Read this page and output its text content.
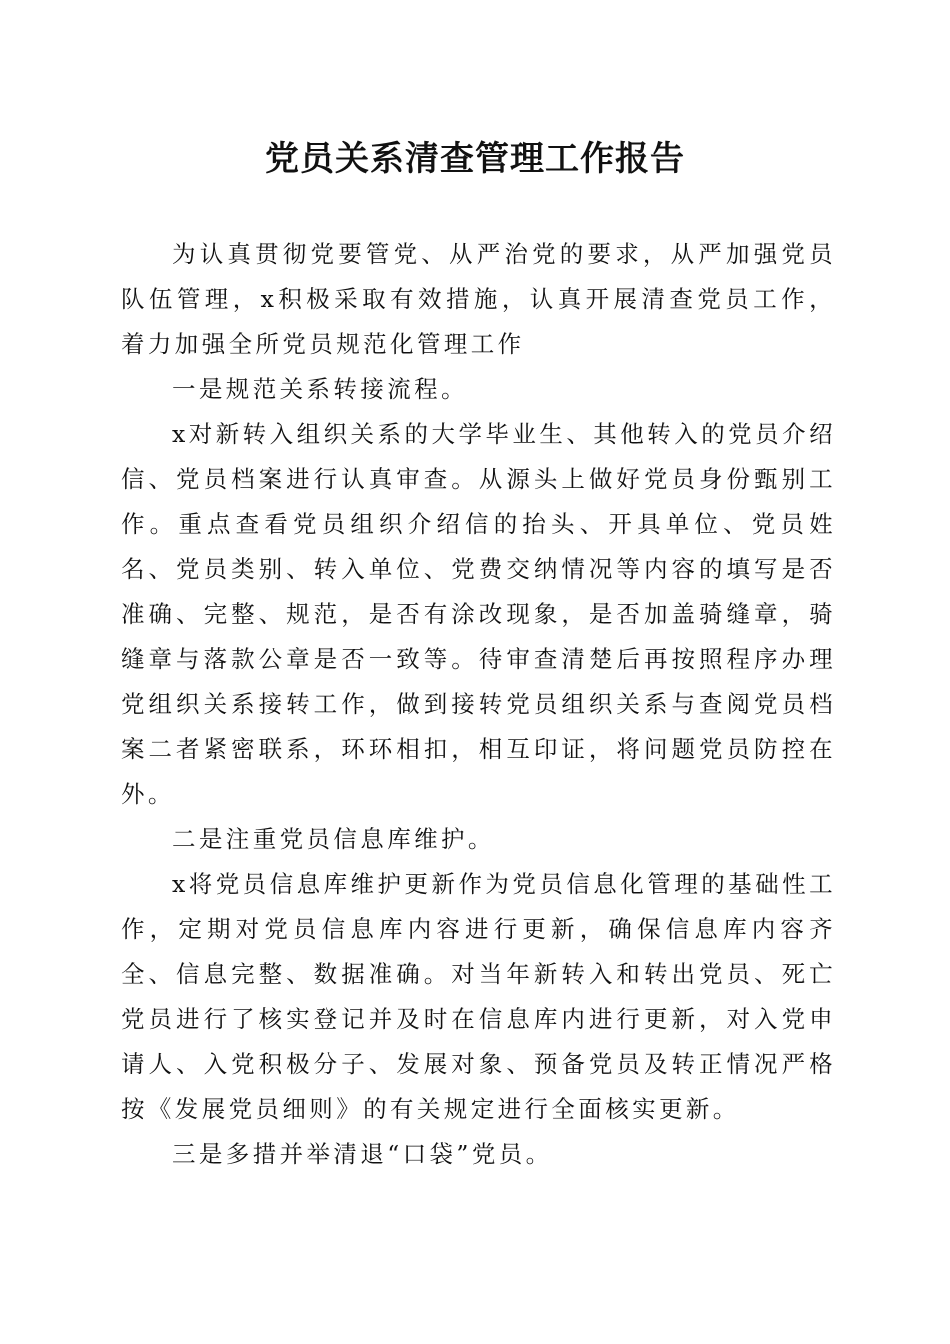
党员关系清查管理工作报告

为认真贯彻党要管党、从严治党的要求，从严加强党员队伍管理，x积极采取有效措施，认真开展清查党员工作，着力加强全所党员规范化管理工作

一是规范关系转接流程。

x对新转入组织关系的大学毕业生、其他转入的党员介绍信、党员档案进行认真审查。从源头上做好党员身份甄别工作。重点查看党员组织介绍信的抬头、开具单位、党员姓名、党员类别、转入单位、党费交纳情况等内容的填写是否准确、完整、规范，是否有涂改现象，是否加盖骑缝章，骑缝章与落款公章是否一致等。待审查清楚后再按照程序办理党组织关系接转工作，做到接转党员组织关系与查阅党员档案二者紧密联系，环环相扣，相互印证，将问题党员防控在外。

二是注重党员信息库维护。

x将党员信息库维护更新作为党员信息化管理的基础性工作，定期对党员信息库内容进行更新，确保信息库内容齐全、信息完整、数据准确。对当年新转入和转出党员、死亡党员进行了核实登记并及时在信息库内进行更新，对入党申请人、入党积极分子、发展对象、预备党员及转正情况严格按《发展党员细则》的有关规定进行全面核实更新。

三是多措并举清退“口袋”党员。
